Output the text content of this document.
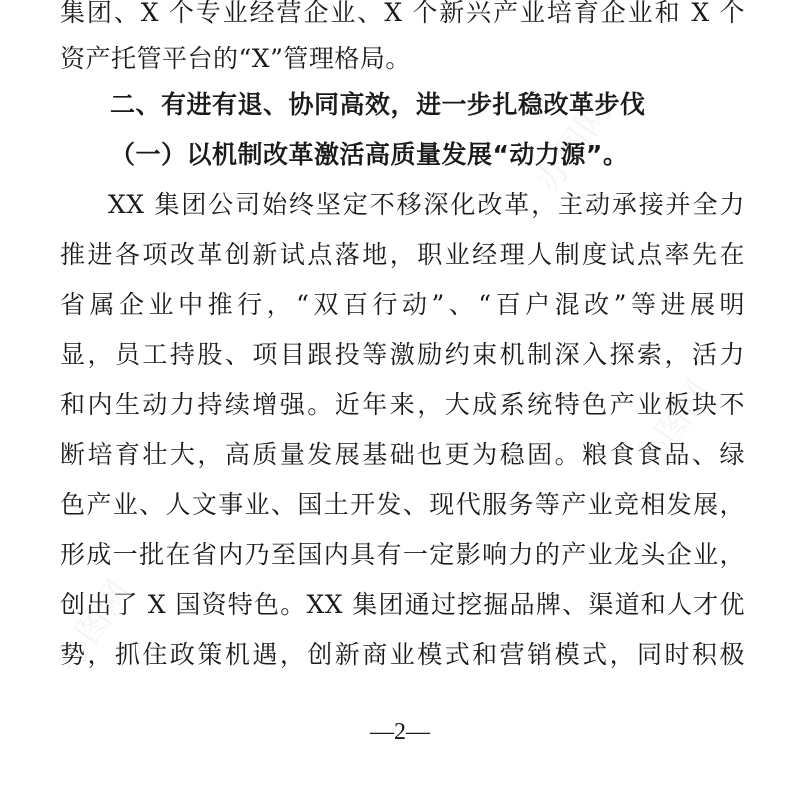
集团、X 个专业经营企业、X 个新兴产业培育企业和 X 个
资产托管平台的“X”管理格局。
二、有进有退、协同高效，进一步扎稳改革步伐
（一）以机制改革激活高质量发展“动力源”。
XX 集团公司始终坚定不移深化改革，主动承接并全力
推进各项改革创新试点落地，职业经理人制度试点率先在
省属企业中推行，“双百行动”、“百户混改”等进展明
显，员工持股、项目跟投等激励约束机制深入探索，活力
和内生动力持续增强。近年来，大成系统特色产业板块不
断培育壮大，高质量发展基础也更为稳固。粮食食品、绿
色产业、人文事业、国土开发、现代服务等产业竞相发展，
形成一批在省内乃至国内具有一定影响力的产业龙头企业，
创出了 X 国资特色。XX 集团通过挖掘品牌、渠道和人才优
势，抓住政策机遇，创新商业模式和营销模式，同时积极
—2—
